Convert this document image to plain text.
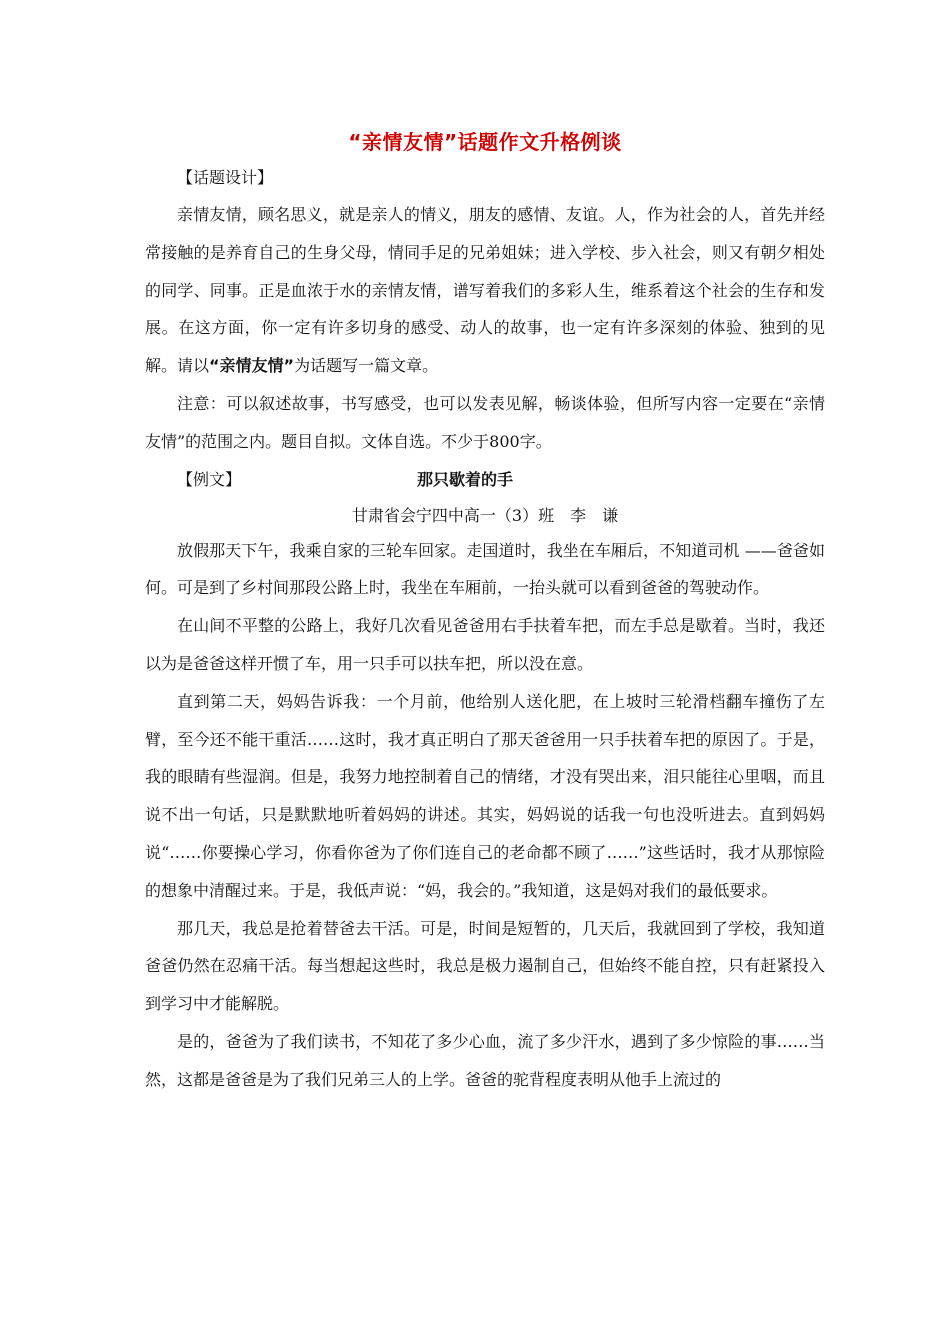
“亲情友情”话题作文升格例谈
【话题设计】

亲情友情，顾名思义，就是亲人的情义，朋友的感情、友谊。人，作为社会的人，首先并经常接触的是养育自己的生身父母，情同手足的兄弟姐妹；进入学校、步入社会，则又有朝夕相处的同学、同事。正是血浓于水的亲情友情，谱写着我们的多彩人生，维系着这个社会的生存和发展。在这方面，你一定有许多切身的感受、动人的故事，也一定有许多深刻的体验、独到的见解。请以“亲情友情”为话题写一篇文章。

注意：可以叙述故事，书写感受，也可以发表见解，畅谈体验，但所写内容一定要在“亲情友情”的范围之内。题目自拟。文体自选。不少于800字。

【例文】	那只歇着的手
甘肃省会宁四中高一（3）班　李　谦

放假那天下午，我乘自家的三轮车回家。走国道时，我坐在车厢后，不知道司机 ——爸爸如何。可是到了乡村间那段公路上时，我坐在车厢前，一抬头就可以看到爸爸的驾驶动作。

在山间不平整的公路上，我好几次看见爸爸用右手扶着车把，而左手总是歇着。当时，我还以为是爸爸这样开惯了车，用一只手可以扶车把，所以没在意。

直到第二天，妈妈告诉我：一个月前，他给别人送化肥，在上坡时三轮滑档翻车撞伤了左臂，至今还不能干重活……这时，我才真正明白了那天爸爸用一只手扶着车把的原因了。于是，我的眼睛有些湿润。但是，我努力地控制着自己的情绪，才没有哭出来，泪只能往心里咽，而且说不出一句话，只是默默地听着妈妈的讲述。其实，妈妈说的话我一句也没听进去。直到妈妈说“……你要操心学习，你看你爸为了你们连自己的老命都不顾了……”这些话时，我才从那惊险的想象中清醒过来。于是，我低声说：“妈，我会的。”我知道，这是妈对我们的最低要求。

那几天，我总是抢着替爸去干活。可是，时间是短暂的，几天后，我就回到了学校，我知道爸爸仍然在忍痛干活。每当想起这些时，我总是极力遏制自己，但始终不能自控，只有赶紧投入到学习中才能解脱。

是的，爸爸为了我们读书，不知花了多少心血，流了多少汗水，遇到了多少惊险的事……当然，这都是爸爸是为了我们兄弟三人的上学。爸爸的驼背程度表明从他手上流过的
